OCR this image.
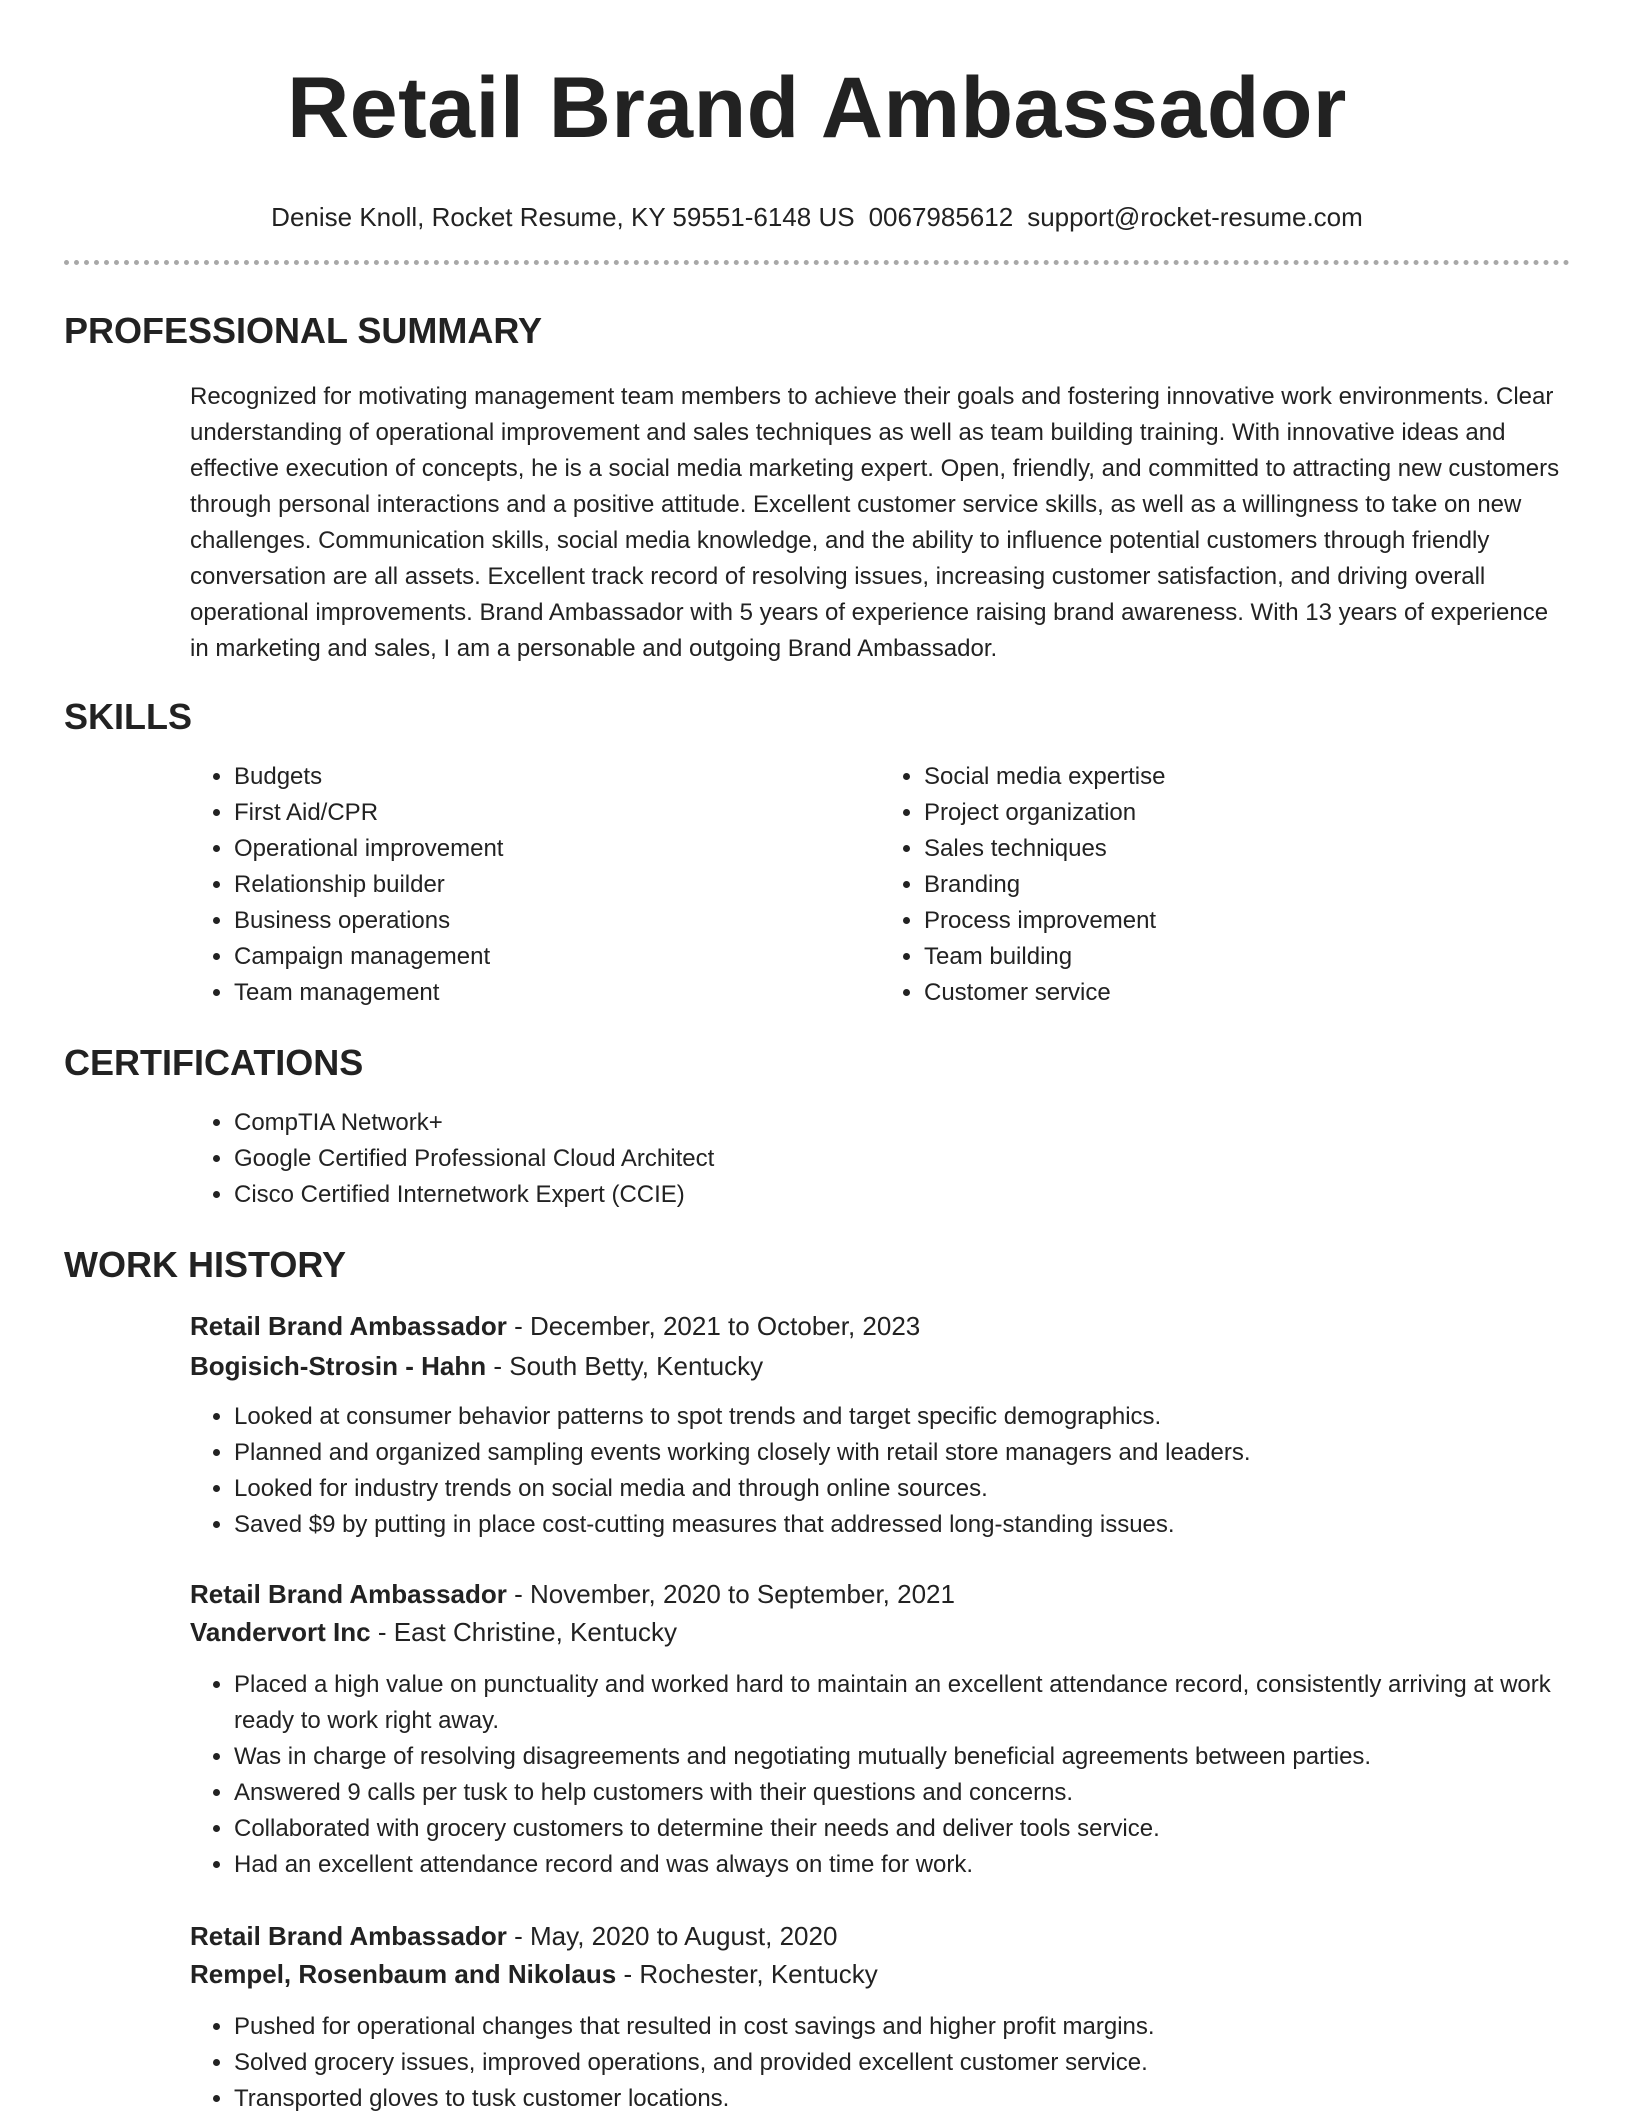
Retail Brand Ambassador
Denise Knoll, Rocket Resume, KY 59551-6148 US 0067985612 support@rocket-resume.com
PROFESSIONAL SUMMARY

Recognized for motivating management team members to achieve their goals and fostering innovative work environments. Clear understanding of operational improvement and sales techniques as well as team building training. With innovative ideas and effective execution of concepts, he is a social media marketing expert. Open, friendly, and committed to attracting new customers through personal interactions and a positive attitude. Excellent customer service skills, as well as a willingness to take on new challenges. Communication skills, social media knowledge, and the ability to influence potential customers through friendly conversation are all assets. Excellent track record of resolving issues, increasing customer satisfaction, and driving overall operational improvements. Brand Ambassador with 5 years of experience raising brand awareness. With 13 years of experience in marketing and sales, I am a personable and outgoing Brand Ambassador.

SKILLS
• Budgets
• First Aid/CPR
• Operational improvement
• Relationship builder
• Business operations
• Campaign management
• Team management
• Social media expertise
• Project organization
• Sales techniques
• Branding
• Process improvement
• Team building
• Customer service
CERTIFICATIONS
• CompTIA Network+
• Google Certified Professional Cloud Architect
• Cisco Certified Internetwork Expert (CCIE)
WORK HISTORY
Retail Brand Ambassador - December, 2021 to October, 2023
Bogisich-Strosin - Hahn - South Betty, Kentucky
• Looked at consumer behavior patterns to spot trends and target specific demographics.
• Planned and organized sampling events working closely with retail store managers and leaders.
• Looked for industry trends on social media and through online sources.
• Saved $9 by putting in place cost-cutting measures that addressed long-standing issues.
Retail Brand Ambassador - November, 2020 to September, 2021
Vandervort Inc - East Christine, Kentucky
• Placed a high value on punctuality and worked hard to maintain an excellent attendance record, consistently arriving at work ready to work right away.
• Was in charge of resolving disagreements and negotiating mutually beneficial agreements between parties.
• Answered 9 calls per tusk to help customers with their questions and concerns.
• Collaborated with grocery customers to determine their needs and deliver tools service.
• Had an excellent attendance record and was always on time for work.
Retail Brand Ambassador - May, 2020 to August, 2020
Rempel, Rosenbaum and Nikolaus - Rochester, Kentucky
• Pushed for operational changes that resulted in cost savings and higher profit margins.
• Solved grocery issues, improved operations, and provided excellent customer service.
• Transported gloves to tusk customer locations.
